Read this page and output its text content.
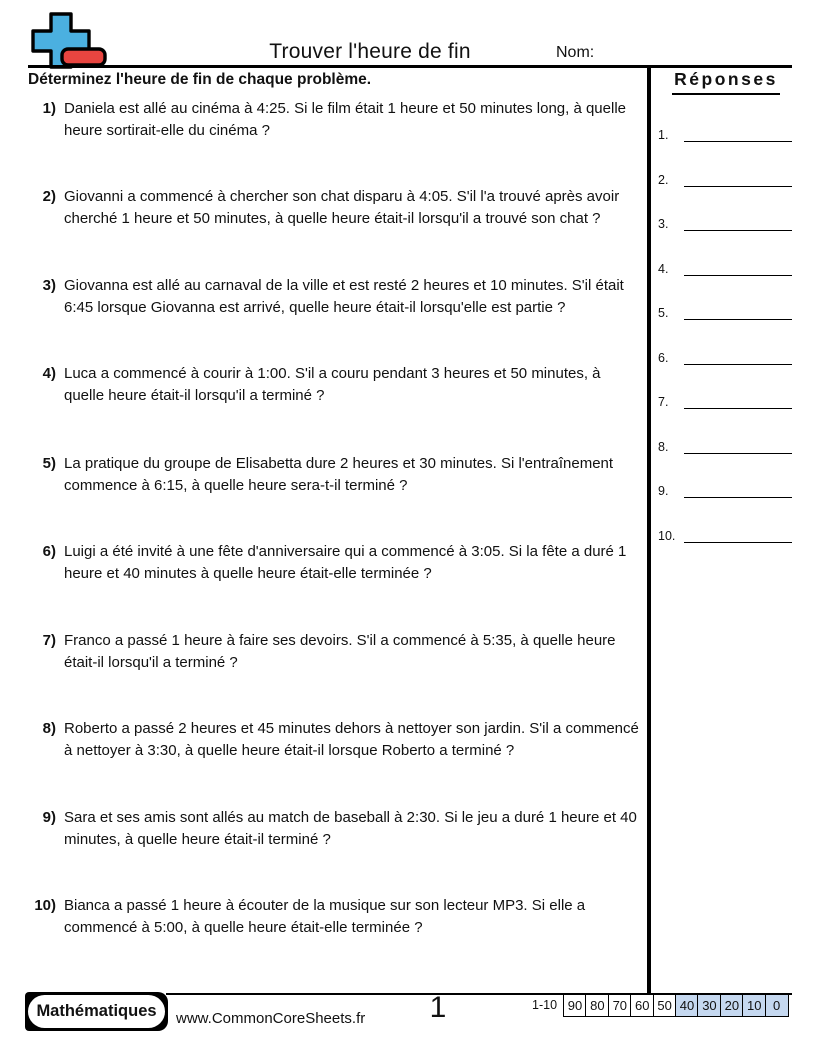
Trouver l'heure de fin	Nom:
Déterminez l'heure de fin de chaque problème.
1) Daniela est allé au cinéma à 4:25. Si le film était 1 heure et 50 minutes long, à quelle heure sortirait-elle du cinéma ?
2) Giovanni a commencé à chercher son chat disparu à 4:05. S'il l'a trouvé après avoir cherché 1 heure et 50 minutes, à quelle heure était-il lorsqu'il a trouvé son chat ?
3) Giovanna est allé au carnaval de la ville et est resté 2 heures et 10 minutes. S'il était 6:45 lorsque Giovanna est arrivé, quelle heure était-il lorsqu'elle est partie ?
4) Luca a commencé à courir à 1:00. S'il a couru pendant 3 heures et 50 minutes, à quelle heure était-il lorsqu'il a terminé ?
5) La pratique du groupe de Elisabetta dure 2 heures et 30 minutes. Si l'entraînement commence à 6:15, à quelle heure sera-t-il terminé ?
6) Luigi a été invité à une fête d'anniversaire qui a commencé à 3:05. Si la fête a duré 1 heure et 40 minutes à quelle heure était-elle terminée ?
7) Franco a passé 1 heure à faire ses devoirs. S'il a commencé à 5:35, à quelle heure était-il lorsqu'il a terminé ?
8) Roberto a passé 2 heures et 45 minutes dehors à nettoyer son jardin. S'il a commencé à nettoyer à 3:30, à quelle heure était-il lorsque Roberto a terminé ?
9) Sara et ses amis sont allés au match de baseball à 2:30. Si le jeu a duré 1 heure et 40 minutes, à quelle heure était-il terminé ?
10) Bianca a passé 1 heure à écouter de la musique sur son lecteur MP3. Si elle a commencé à 5:00, à quelle heure était-elle terminée ?
Réponses
1.
2.
3.
4.
5.
6.
7.
8.
9.
10.
Mathématiques www.CommonCoreSheets.fr	1	1-10 90 80 70 60 50 40 30 20 10 0
